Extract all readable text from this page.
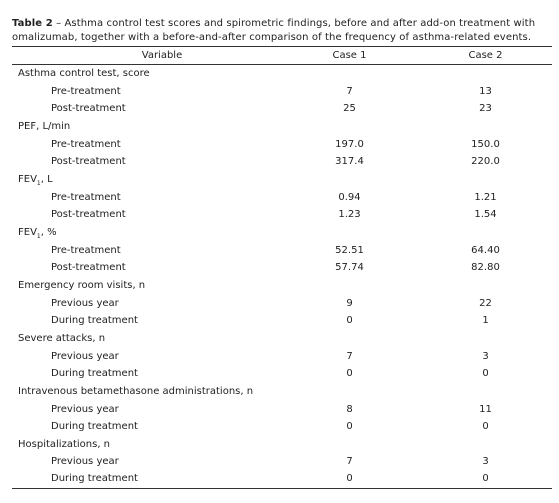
Table 2 – Asthma control test scores and spirometric findings, before and after add-on treatment with omalizumab, together with a before-and-after comparison of the frequency of asthma-related events.
Variable	Case 1	Case 2
Asthma control test, score
Pre-treatment	7	13
Post-treatment	25	23
PEF, L/min
Pre-treatment	197.0	150.0
Post-treatment	317.4	220.0
$FEV_1$, L
Pre-treatment	0.94	1.21
Post-treatment	1.23	1.54
$FEV_1$, %
Pre-treatment	52.51	64.40
Post-treatment	57.74	82.80
Emergency room visits, n
Previous year	9	22
During treatment	0	1
Severe attacks, n
Previous year	7	3
During treatment	0	0
Intravenous betamethasone administrations, n
Previous year	8	11
During treatment	0	0
Hospitalizations, n
Previous year	7	3
During treatment	0	0
